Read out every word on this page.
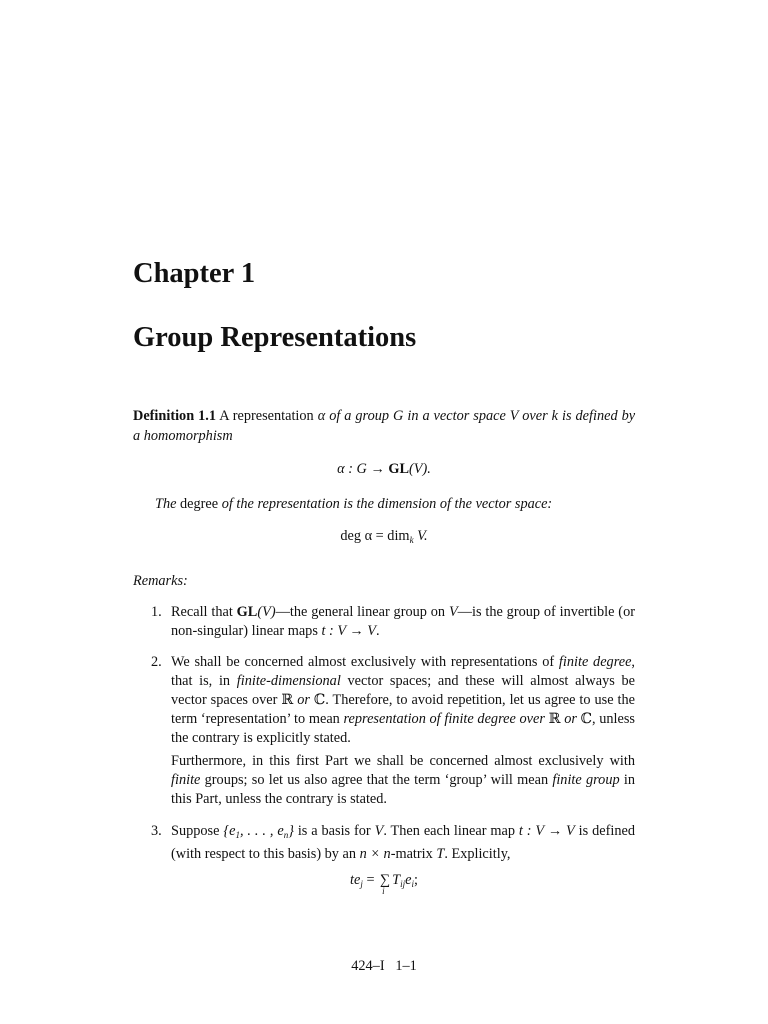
Chapter 1
Group Representations
Definition 1.1 A representation α of a group G in a vector space V over k is defined by a homomorphism
α : G → GL(V).

The degree of the representation is the dimension of the vector space:

deg α = dim$_k$ V.
Remarks:
1. Recall that GL(V)—the general linear group on V—is the group of invertible (or non-singular) linear maps t : V → V.
2. We shall be concerned almost exclusively with representations of finite degree, that is, in finite-dimensional vector spaces; and these will almost always be vector spaces over ℝ or ℂ. Therefore, to avoid repetition, let us agree to use the term ‘representation’ to mean representation of finite degree over ℝ or ℂ, unless the contrary is explicitly stated.
Furthermore, in this first Part we shall be concerned almost exclusively with finite groups; so let us also agree that the term ‘group’ will mean finite group in this Part, unless the contrary is stated.
3. Suppose {$e_1$, . . . , $e_n$} is a basis for V. Then each linear map t : V → V is defined (with respect to this basis) by an n × n-matrix T. Explicitly,
$te_j$ = ∑
i
$T_{ij}e_i$;
424–I 1–1
